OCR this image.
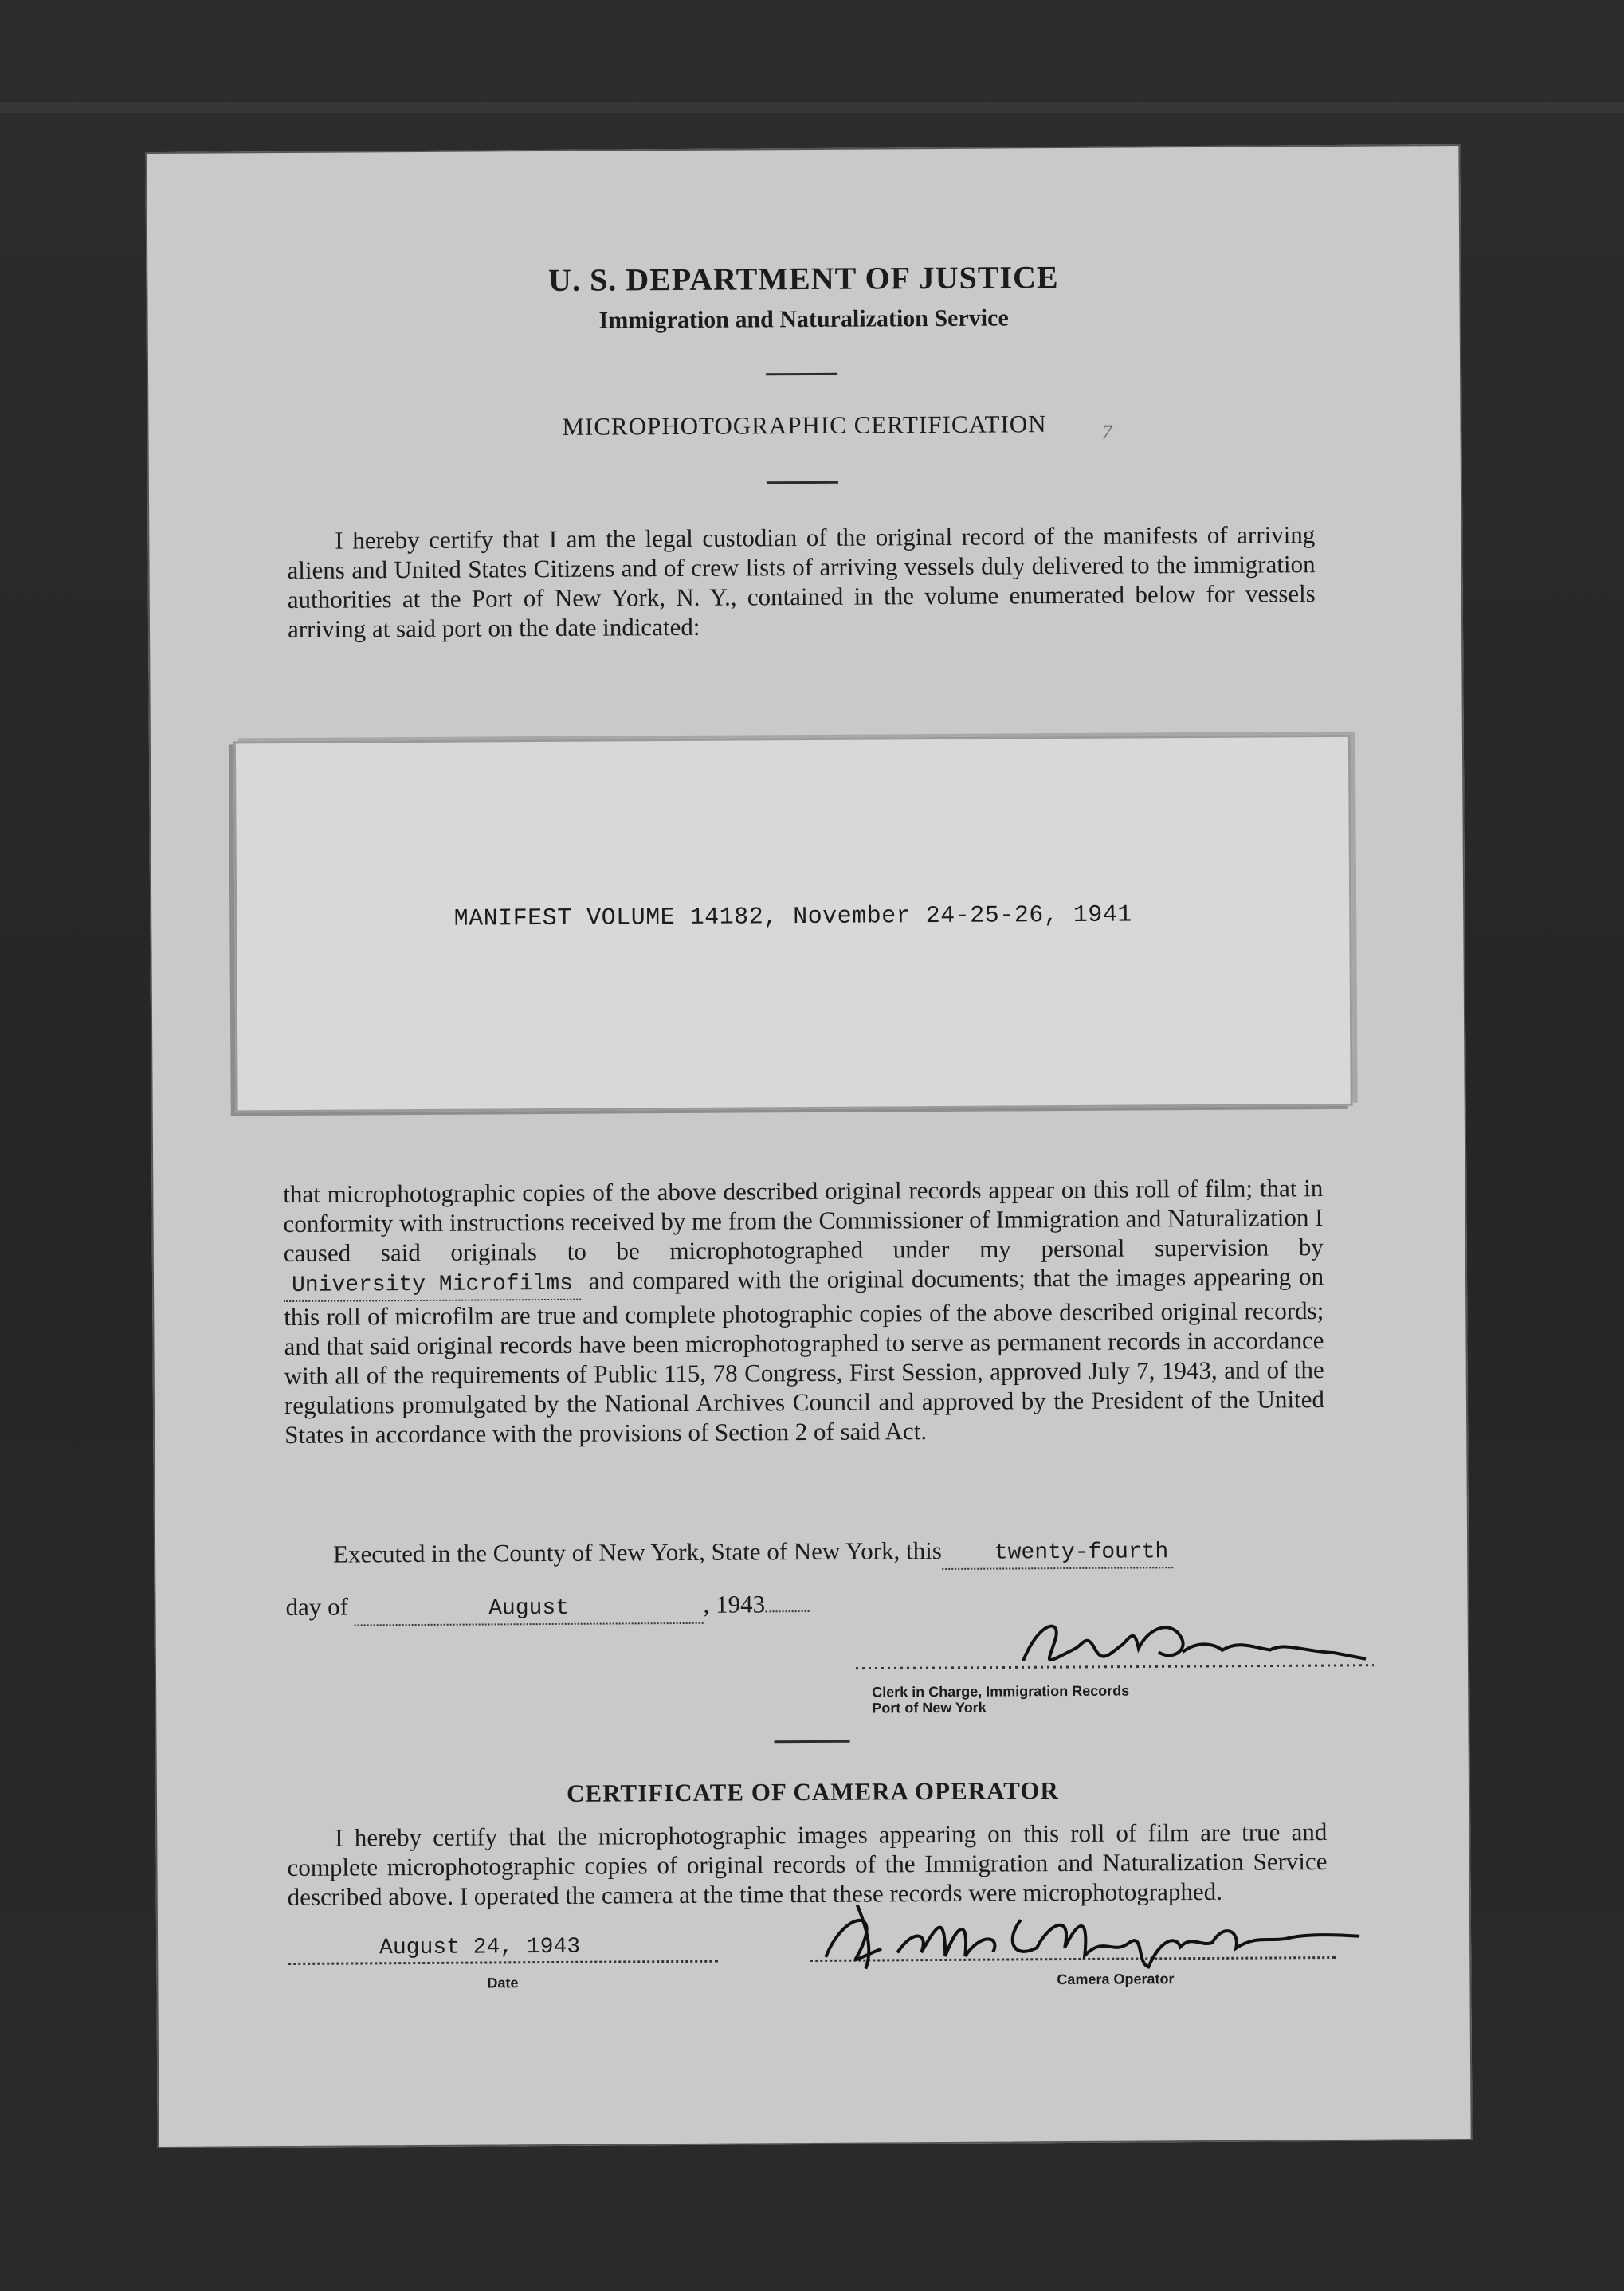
U. S. DEPARTMENT OF JUSTICE
Immigration and Naturalization Service
MICROPHOTOGRAPHIC CERTIFICATION	7
I hereby certify that I am the legal custodian of the original record of the manifests of arriving aliens and United States Citizens and of crew lists of arriving vessels duly delivered to the immigration authorities at the Port of New York, N. Y., contained in the volume enumerated below for vessels arriving at said port on the date indicated:
MANIFEST VOLUME 14182, November 24-25-26, 1941
that microphotographic copies of the above described original records appear on this roll of film; that in conformity with instructions received by me from the Commissioner of Immigration and Naturalization I caused said originals to be microphotographed under my personal supervision by University Microfilms and compared with the original documents; that the images appearing on this roll of microfilm are true and complete photographic copies of the above described original records; and that said original records have been microphotographed to serve as permanent records in accordance with all of the requirements of Public 115, 78 Congress, First Session, approved July 7, 1943, and of the regulations promulgated by the National Archives Council and approved by the President of the United States in accordance with the provisions of Section 2 of said Act.
Executed in the County of New York, State of New York, this twenty-fourth
day of	August	, 1943
Clerk in Charge, Immigration Records
Port of New York
CERTIFICATE OF CAMERA OPERATOR
I hereby certify that the microphotographic images appearing on this roll of film are true and complete microphotographic copies of original records of the Immigration and Naturalization Service described above. I operated the camera at the time that these records were microphotographed.
August 24, 1943
Date	Camera Operator
